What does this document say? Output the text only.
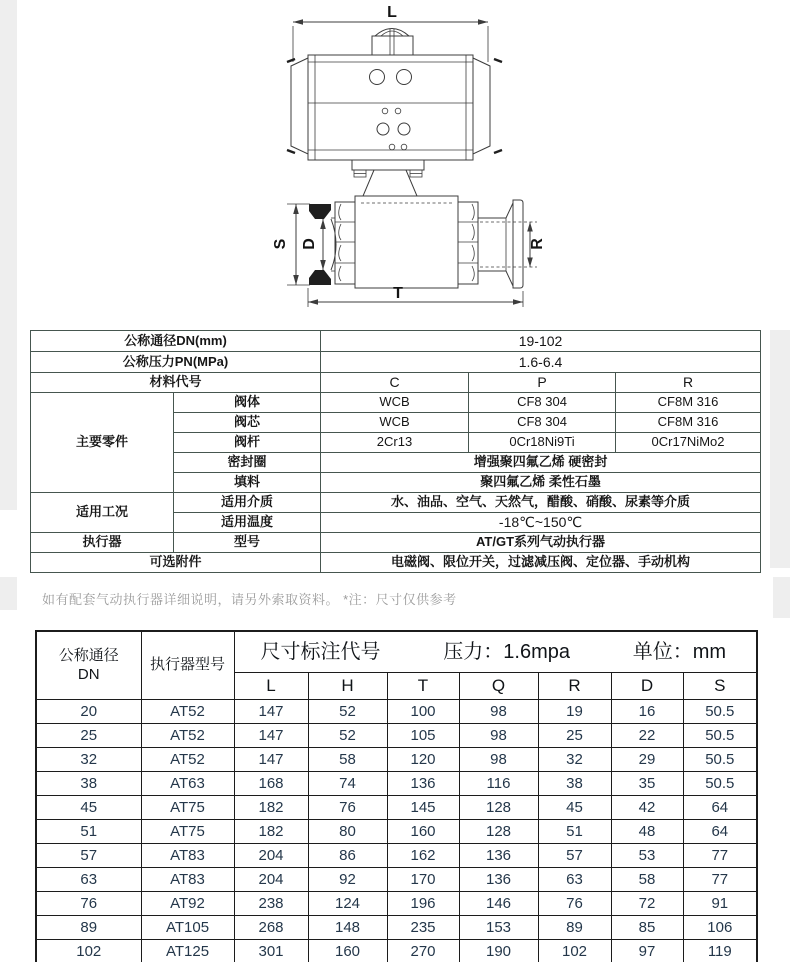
L
S D	R
T
公称通径DN(mm)		19-102		
公称压力PN(MPa)		1.6-6.4		
材料代号		C	P	R
主要零件	阀体	WCB	CF8 304	CF8M 316
	阀芯	WCB	CF8 304	CF8M 316
	阀杆	2Cr13	0Cr18Ni9Ti	0Cr17NiMo2
	密封圈	增强聚四氟乙烯 硬密封		
	填料	聚四氟乙烯 柔性石墨		
适用工况	适用介质	水、油品、空气、天然气，醋酸、硝酸、尿素等介质		
	适用温度	-18℃~150℃		
执行器	型号	AT/GT系列气动执行器		
可选附件		电磁阀、限位开关，过滤减压阀、定位器、手动机构		
如有配套气动执行器详细说明，请另外索取资料。 *注：尺寸仅供参考
公称通径
DN
	执行器型号	
尺寸标注代号	压力：1.6mpa	单位：mm

		L	H	T	Q	R	D	S
20	AT52	147	52	100	98	19	16	50.5
25	AT52	147	52	105	98	25	22	50.5
32	AT52	147	58	120	98	32	29	50.5
38	AT63	168	74	136	116	38	35	50.5
45	AT75	182	76	145	128	45	42	64
51	AT75	182	80	160	128	51	48	64
57	AT83	204	86	162	136	57	53	77
63	AT83	204	92	170	136	63	58	77
76	AT92	238	124	196	146	76	72	91
89	AT105	268	148	235	153	89	85	106
102	AT125	301	160	270	190	102	97	119
